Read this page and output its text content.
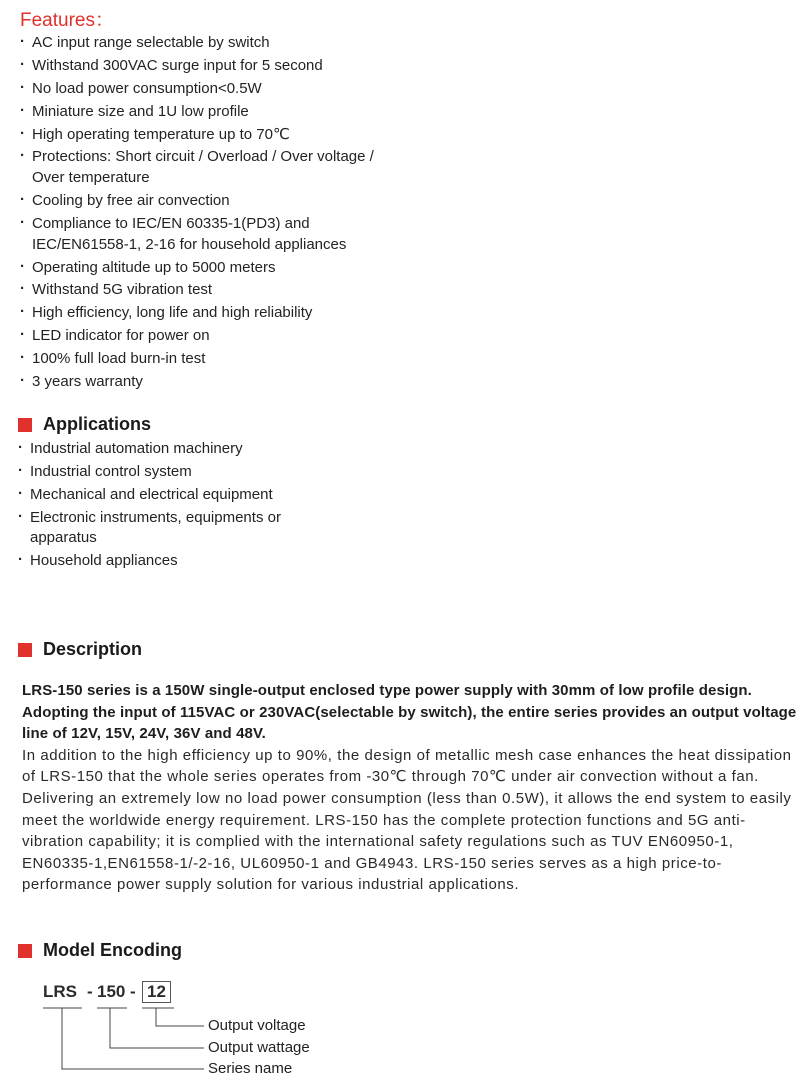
Features：
· AC input range selectable by switch
· Withstand 300VAC surge input for 5 second
· No load power consumption<0.5W
· Miniature size and 1U low profile
· High operating temperature up to 70℃
· Protections: Short circuit / Overload / Over voltage / Over temperature
· Cooling by free air convection
· Compliance to IEC/EN 60335-1(PD3) and IEC/EN61558-1, 2-16 for household appliances
· Operating altitude up to 5000 meters
· Withstand 5G vibration test
· High efficiency, long life and high reliability
· LED indicator for power on
· 100% full load burn-in test
· 3 years warranty
Applications
· Industrial automation machinery
· Industrial control system
· Mechanical and electrical equipment
· Electronic instruments, equipments or apparatus
· Household appliances
Description

LRS-150 series is a 150W single-output enclosed type power supply with 30mm of low profile design. Adopting the input of 115VAC or 230VAC(selectable by switch), the entire series provides an output voltage line of 12V, 15V, 24V, 36V and 48V.

In addition to the high efficiency up to 90%, the design of metallic mesh case enhances the heat dissipation of LRS-150 that the whole series operates from -30℃ through 70℃ under air convection without a fan. Delivering an extremely low no load power consumption (less than 0.5W), it allows the end system to easily meet the worldwide energy requirement. LRS-150 has the complete protection functions and 5G anti-vibration capability; it is complied with the international safety regulations such as TUV EN60950-1, EN60335-1,EN61558-1/-2-16, UL60950-1 and GB4943. LRS-150 series serves as a high price-to-performance power supply solution for various industrial applications.

Model Encoding
LRS - 150 - 12
Output voltage
Output wattage
Series name
